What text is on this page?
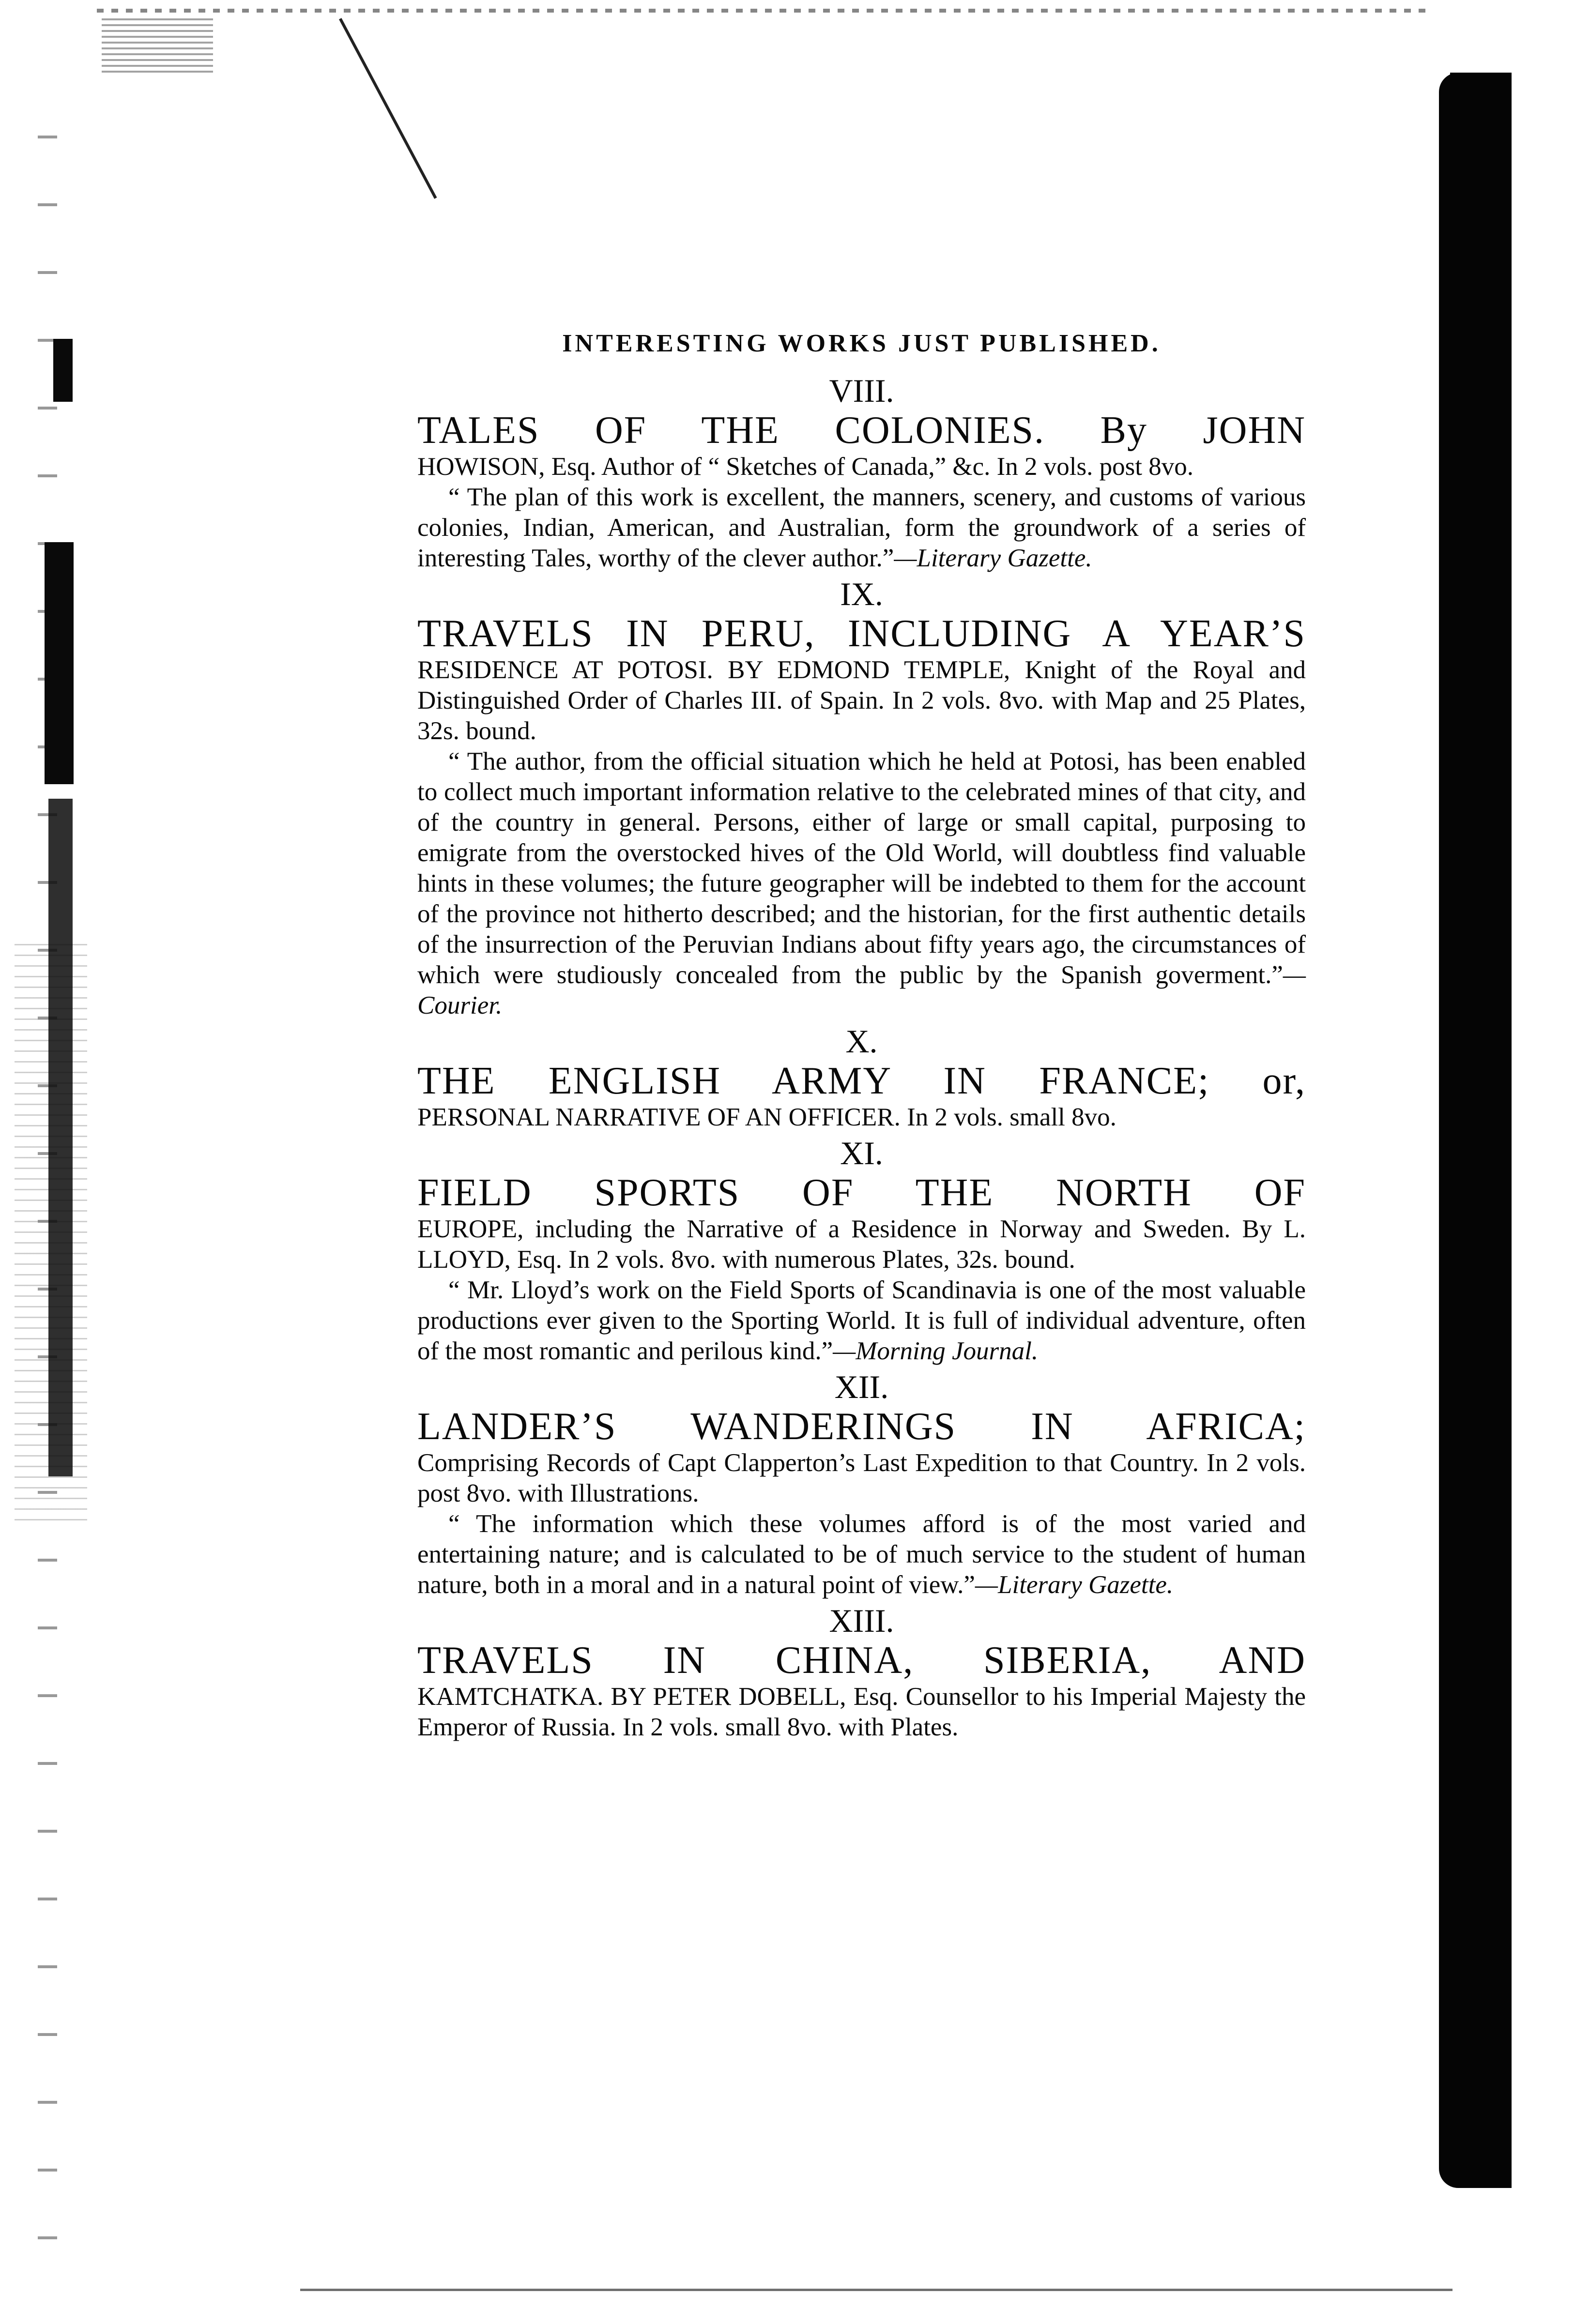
INTERESTING WORKS JUST PUBLISHED.
VIII.
TALES OF THE COLONIES. By JOHN
HOWISON, Esq. Author of “ Sketches of Canada,” &c. In 2 vols. post 8vo.
“ The plan of this work is excellent, the manners, scenery, and customs of various colonies, Indian, American, and Australian, form the groundwork of a series of interesting Tales, worthy of the clever author.”—Literary Gazette.
IX.
TRAVELS IN PERU, INCLUDING A YEAR’S
RESIDENCE AT POTOSI. BY EDMOND TEMPLE, Knight of the Royal and Distinguished Order of Charles III. of Spain. In 2 vols. 8vo. with Map and 25 Plates, 32s. bound.
“ The author, from the official situation which he held at Potosi, has been enabled to collect much important information relative to the celebrated mines of that city, and of the country in general. Persons, either of large or small capital, purposing to emigrate from the overstocked hives of the Old World, will doubtless find valuable hints in these volumes; the future geographer will be indebted to them for the account of the province not hitherto described; and the historian, for the first authentic details of the insurrection of the Peruvian Indians about fifty years ago, the circumstances of which were studiously concealed from the public by the Spanish goverment.”—Courier.
X.
THE ENGLISH ARMY IN FRANCE; or,
PERSONAL NARRATIVE OF AN OFFICER. In 2 vols. small 8vo.
XI.
FIELD SPORTS OF THE NORTH OF
EUROPE, including the Narrative of a Residence in Norway and Sweden. By L. LLOYD, Esq. In 2 vols. 8vo. with numerous Plates, 32s. bound.
“ Mr. Lloyd’s work on the Field Sports of Scandinavia is one of the most valuable productions ever given to the Sporting World. It is full of individual adventure, often of the most romantic and perilous kind.”—Morning Journal.
XII.
LANDER’S WANDERINGS IN AFRICA;
Comprising Records of Capt Clapperton’s Last Expedition to that Country. In 2 vols. post 8vo. with Illustrations.
“ The information which these volumes afford is of the most varied and entertaining nature; and is calculated to be of much service to the student of human nature, both in a moral and in a natural point of view.”—Literary Gazette.
XIII.
TRAVELS IN CHINA, SIBERIA, AND
KAMTCHATKA. BY PETER DOBELL, Esq. Counsellor to his Imperial Majesty the Emperor of Russia. In 2 vols. small 8vo. with Plates.
